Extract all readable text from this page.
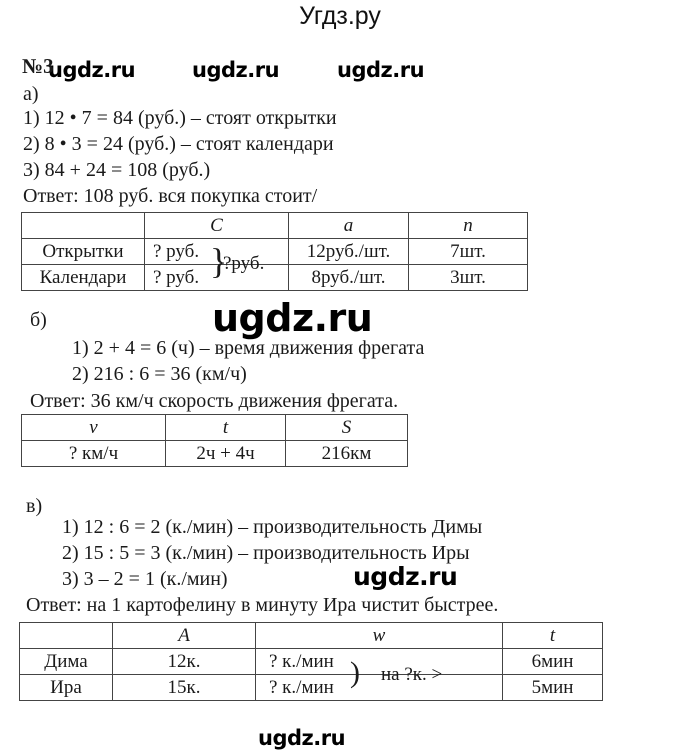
Угдз.ру
ugdz.ru	ugdz.ru	ugdz.ru
ugdz.ru
ugdz.ru
ugdz.ru
№3
а)
1) 12 • 7 = 84 (руб.) – стоят открытки
2) 8 • 3 = 24 (руб.) – стоят календари
3) 84 + 24 = 108 (руб.)
Ответ: 108 руб. вся покупка стоит/
	C	a	n
Открытки	? руб.	12руб./шт.	7шт.
Календари	? руб.	8руб./шт.	3шт.
}
?руб.
б)
1) 2 + 4 = 6 (ч) – время движения фрегата
2) 216 : 6 = 36 (км/ч)
Ответ: 36 км/ч скорость движения фрегата.
v	t	S
? км/ч	2ч + 4ч	216км
в)
1) 12 : 6 = 2 (к./мин) – производительность Димы
2) 15 : 5 = 3 (к./мин) – производительность Иры
3) 3 – 2 = 1 (к./мин)
Ответ: на 1 картофелину в минуту Ира чистит быстрее.
	A	w	t
Дима	12к.	? к./мин	6мин
Ира	15к.	? к./мин	5мин
) на ?к. >
